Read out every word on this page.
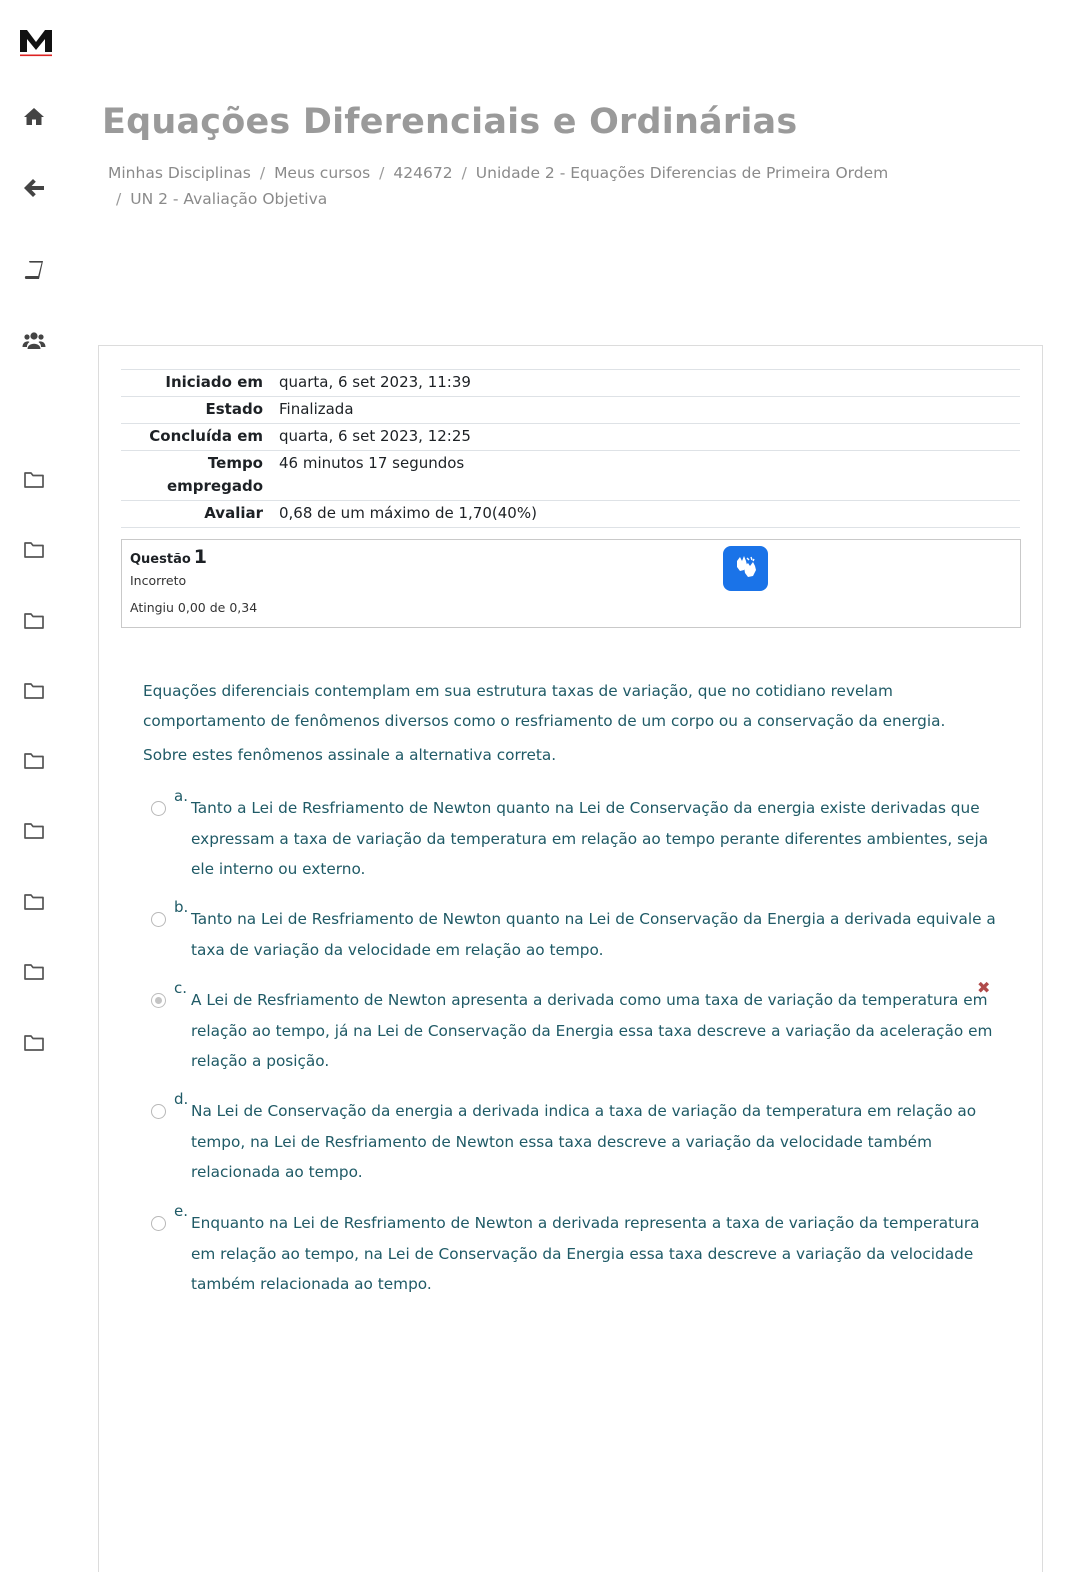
Equações Diferenciais e Ordinárias
Minhas Disciplinas / Meus cursos / 424672 / Unidade 2 - Equações Diferencias de Primeira Ordem
/ UN 2 - Avaliação Objetiva
Iniciado em	quarta, 6 set 2023, 11:39
Estado	Finalizada
Concluída em	quarta, 6 set 2023, 12:25
Tempo empregado	46 minutos 17 segundos
Avaliar	0,68 de um máximo de 1,70(40%)
Questão 1
Incorreto
Atingiu 0,00 de 0,34

Equações diferenciais contemplam em sua estrutura taxas de variação, que no cotidiano revelam comportamento de fenômenos diversos como o resfriamento de um corpo ou a conservação da energia.

Sobre estes fenômenos assinale a alternativa correta.

a.
Tanto a Lei de Resfriamento de Newton quanto na Lei de Conservação da energia existe derivadas que expressam a taxa de variação da temperatura em relação ao tempo perante diferentes ambientes, seja ele interno ou externo.
b.
Tanto na Lei de Resfriamento de Newton quanto na Lei de Conservação da Energia a derivada equivale a taxa de variação da velocidade em relação ao tempo.
c.
A Lei de Resfriamento de Newton apresenta a derivada como uma taxa de variação da temperatura em relação ao tempo, já na Lei de Conservação da Energia essa taxa descreve a variação da aceleração em relação a posição.
✖
d.
Na Lei de Conservação da energia a derivada indica a taxa de variação da temperatura em relação ao tempo, na Lei de Resfriamento de Newton essa taxa descreve a variação da velocidade também relacionada ao tempo.
e.
Enquanto na Lei de Resfriamento de Newton a derivada representa a taxa de variação da temperatura em relação ao tempo, na Lei de Conservação da Energia essa taxa descreve a variação da velocidade também relacionada ao tempo.
